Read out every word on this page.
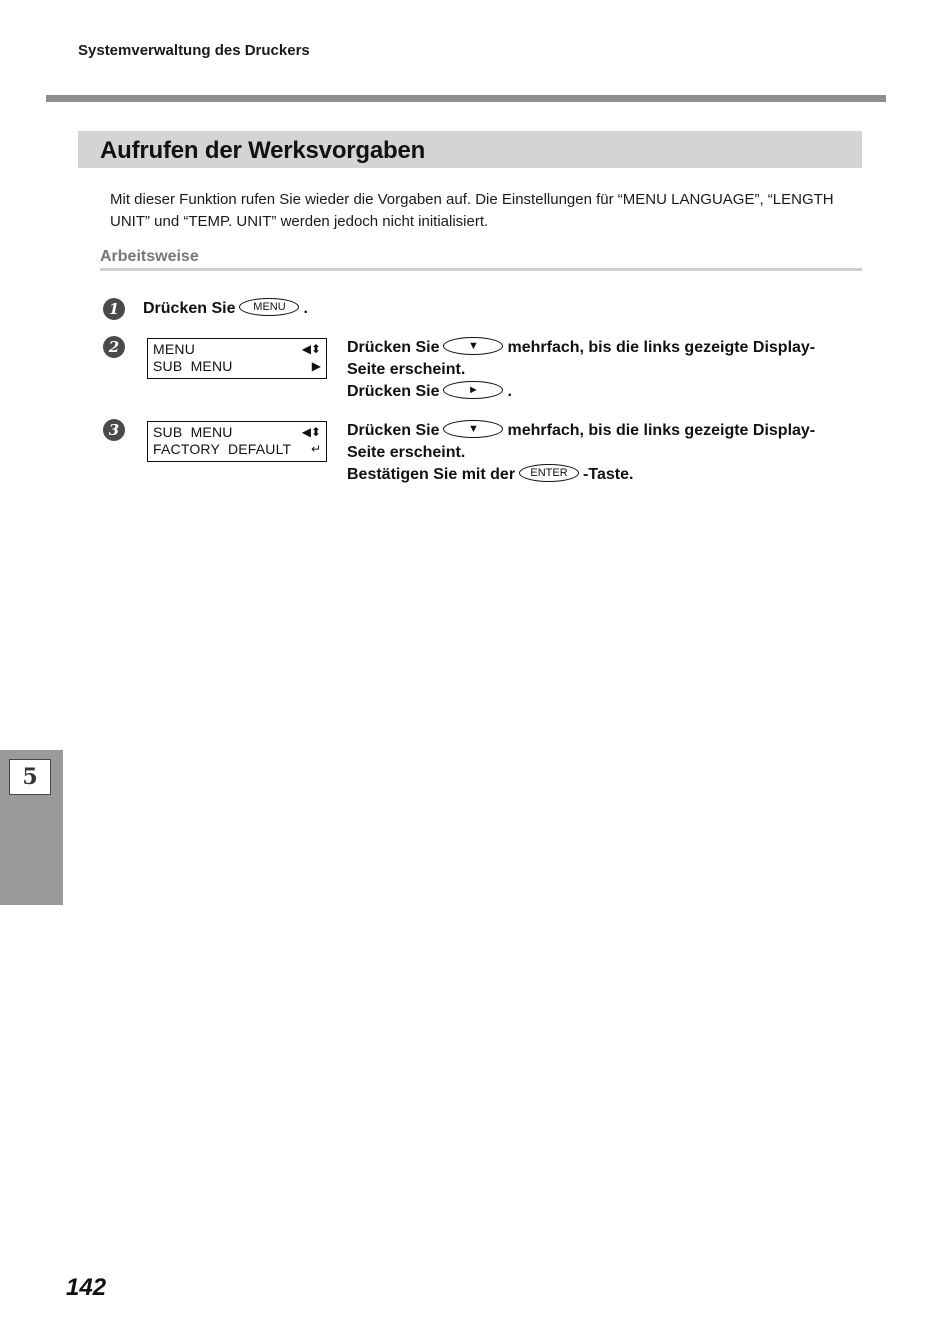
Systemverwaltung des Druckers
Aufrufen der Werksvorgaben

Mit dieser Funktion rufen Sie wieder die Vorgaben auf. Die Einstellungen für “MENU LANGUAGE”, “LENGTH
UNIT” und “TEMP. UNIT” werden jedoch nicht initialisiert.

Arbeitsweise
1	Drücken Sie MENU .
2	MENU
SUB  MENU
◀⬍
▶
Drücken Sie	▼ mehrfach, bis die links gezeigte Display-
Seite erscheint.
Drücken Sie	► .
3	SUB  MENU
FACTORY  DEFAULT
◀⬍
↵
Drücken Sie	▼ mehrfach, bis die links gezeigte Display-
Seite erscheint.
Bestätigen Sie mit der ENTER -Taste.
5
142
